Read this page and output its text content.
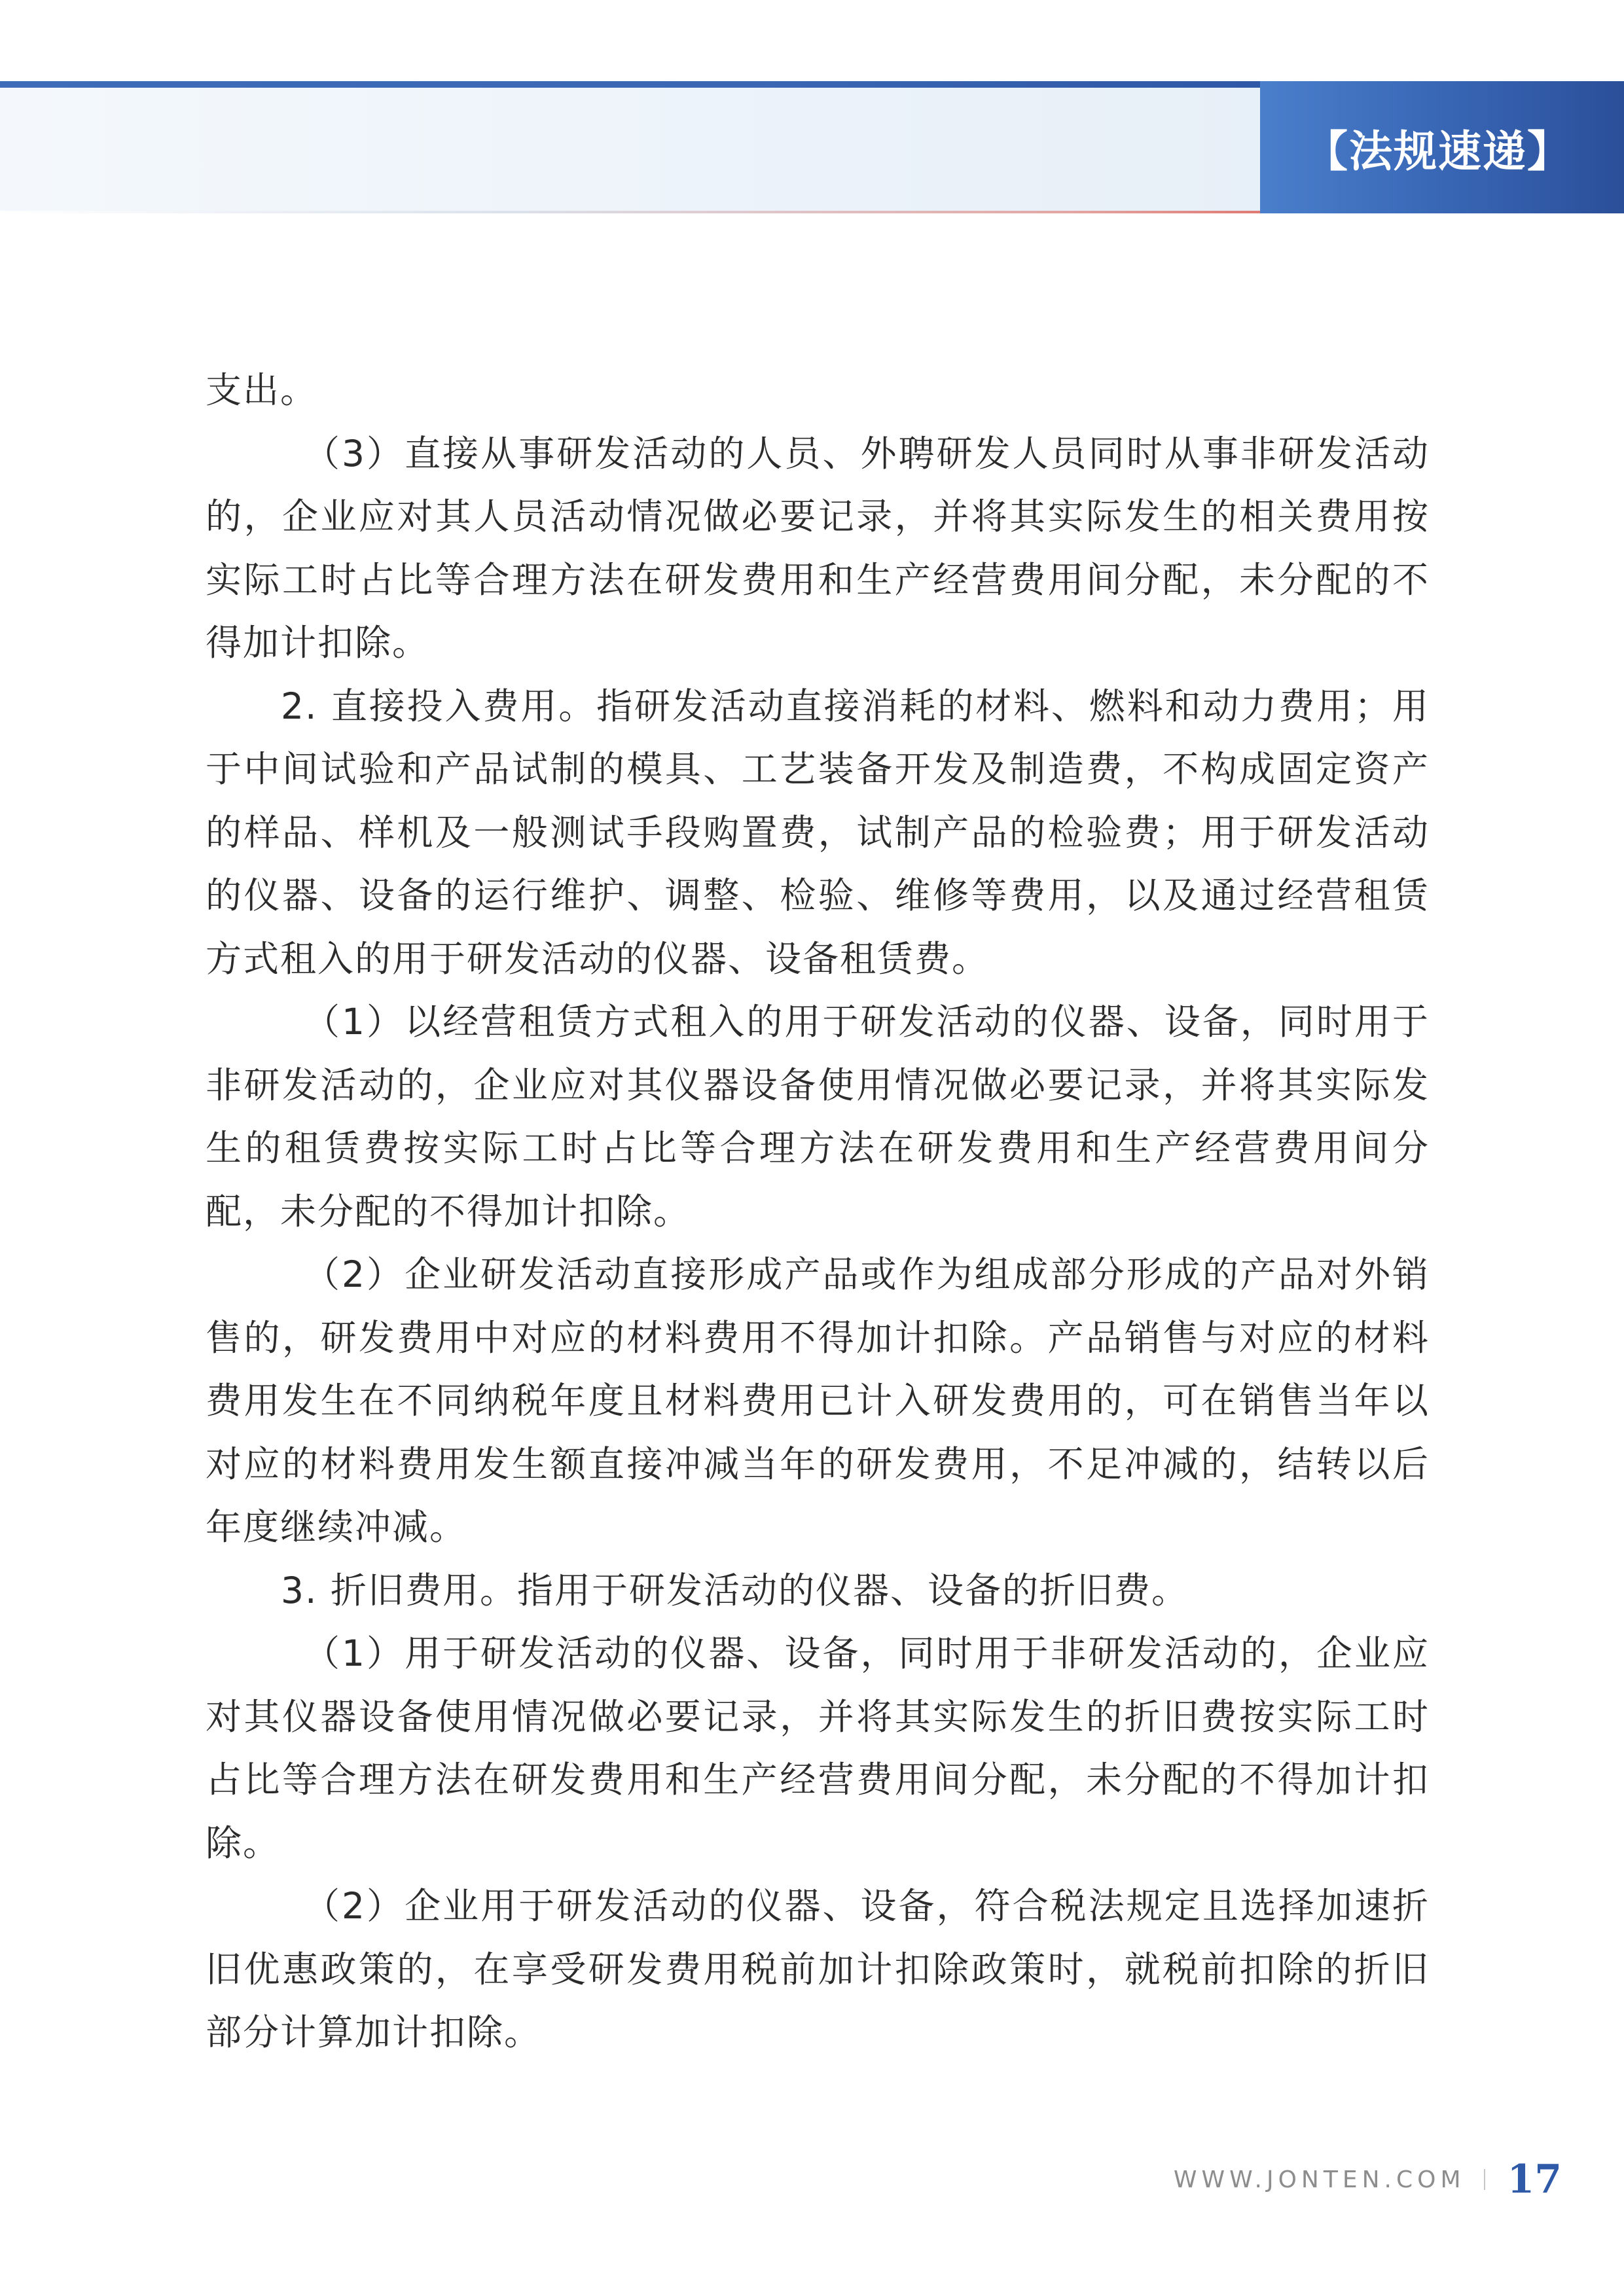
【法规速递】

支出。

（3）直接从事研发活动的人员、外聘研发人员同时从事非研发活动的，企业应对其人员活动情况做必要记录，并将其实际发生的相关费用按实际工时占比等合理方法在研发费用和生产经营费用间分配，未分配的不得加计扣除。

2. 直接投入费用。指研发活动直接消耗的材料、燃料和动力费用；用于中间试验和产品试制的模具、工艺装备开发及制造费，不构成固定资产的样品、样机及一般测试手段购置费，试制产品的检验费；用于研发活动的仪器、设备的运行维护、调整、检验、维修等费用，以及通过经营租赁方式租入的用于研发活动的仪器、设备租赁费。

（1）以经营租赁方式租入的用于研发活动的仪器、设备，同时用于非研发活动的，企业应对其仪器设备使用情况做必要记录，并将其实际发生的租赁费按实际工时占比等合理方法在研发费用和生产经营费用间分配，未分配的不得加计扣除。

（2）企业研发活动直接形成产品或作为组成部分形成的产品对外销售的，研发费用中对应的材料费用不得加计扣除。产品销售与对应的材料费用发生在不同纳税年度且材料费用已计入研发费用的，可在销售当年以对应的材料费用发生额直接冲减当年的研发费用，不足冲减的，结转以后年度继续冲减。

3. 折旧费用。指用于研发活动的仪器、设备的折旧费。

（1）用于研发活动的仪器、设备，同时用于非研发活动的，企业应对其仪器设备使用情况做必要记录，并将其实际发生的折旧费按实际工时占比等合理方法在研发费用和生产经营费用间分配，未分配的不得加计扣除。

（2）企业用于研发活动的仪器、设备，符合税法规定且选择加速折旧优惠政策的，在享受研发费用税前加计扣除政策时，就税前扣除的折旧部分计算加计扣除。

WWW.JONTEN.COM 17
